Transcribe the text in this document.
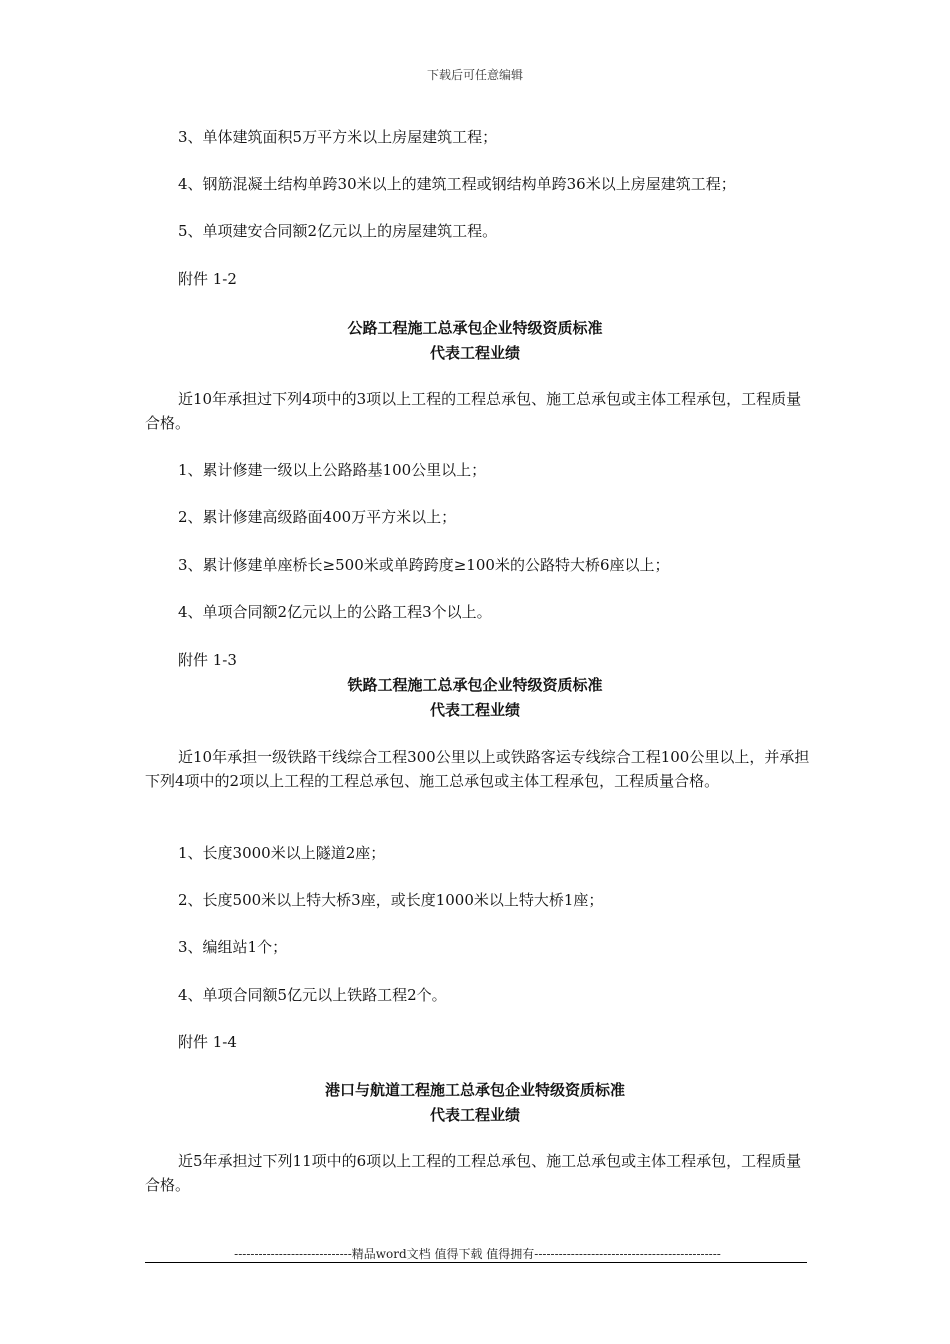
下载后可任意编辑
3、单体建筑面积5万平方米以上房屋建筑工程；
4、钢筋混凝土结构单跨30米以上的建筑工程或钢结构单跨36米以上房屋建筑工程；
5、单项建安合同额2亿元以上的房屋建筑工程。
附件 1-2
公路工程施工总承包企业特级资质标准
代表工程业绩
近10年承担过下列4项中的3项以上工程的工程总承包、施工总承包或主体工程承包，工程质量合格。
1、累计修建一级以上公路路基100公里以上；
2、累计修建高级路面400万平方米以上；
3、累计修建单座桥长≥500米或单跨跨度≥100米的公路特大桥6座以上；
4、单项合同额2亿元以上的公路工程3个以上。
附件 1-3
铁路工程施工总承包企业特级资质标准
代表工程业绩
近10年承担一级铁路干线综合工程300公里以上或铁路客运专线综合工程100公里以上，并承担下列4项中的2项以上工程的工程总承包、施工总承包或主体工程承包，工程质量合格。
1、长度3000米以上隧道2座；
2、长度500米以上特大桥3座，或长度1000米以上特大桥1座；
3、编组站1个；
4、单项合同额5亿元以上铁路工程2个。
附件 1-4
港口与航道工程施工总承包企业特级资质标准
代表工程业绩
近5年承担过下列11项中的6项以上工程的工程总承包、施工总承包或主体工程承包，工程质量合格。
-----------------------------精品word文档 值得下载 值得拥有----------------------------------------------
